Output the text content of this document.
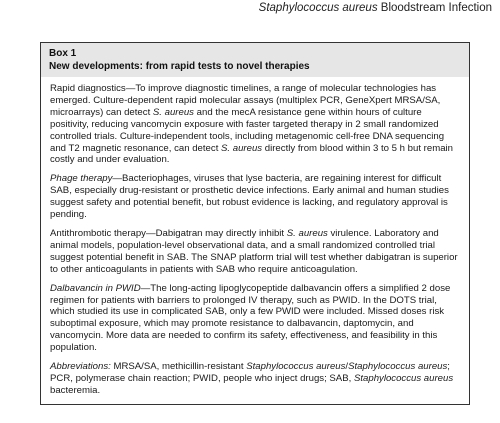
Staphylococcus aureus Bloodstream Infection
Box 1
New developments: from rapid tests to novel therapies

Rapid diagnostics—To improve diagnostic timelines, a range of molecular technologies has emerged. Culture-dependent rapid molecular assays (multiplex PCR, GeneXpert MRSA/SA, microarrays) can detect S. aureus and the mecA resistance gene within hours of culture positivity, reducing vancomycin exposure with faster targeted therapy in 2 small randomized controlled trials. Culture-independent tools, including metagenomic cell-free DNA sequencing and T2 magnetic resonance, can detect S. aureus directly from blood within 3 to 5 h but remain costly and under evaluation.

Phage therapy—Bacteriophages, viruses that lyse bacteria, are regaining interest for difficult SAB, especially drug-resistant or prosthetic device infections. Early animal and human studies suggest safety and potential benefit, but robust evidence is lacking, and regulatory approval is pending.

Antithrombotic therapy—Dabigatran may directly inhibit S. aureus virulence. Laboratory and animal models, population-level observational data, and a small randomized controlled trial suggest potential benefit in SAB. The SNAP platform trial will test whether dabigatran is superior to other anticoagulants in patients with SAB who require anticoagulation.

Dalbavancin in PWID—The long-acting lipoglycopeptide dalbavancin offers a simplified 2 dose regimen for patients with barriers to prolonged IV therapy, such as PWID. In the DOTS trial, which studied its use in complicated SAB, only a few PWID were included. Missed doses risk suboptimal exposure, which may promote resistance to dalbavancin, daptomycin, and vancomycin. More data are needed to confirm its safety, effectiveness, and feasibility in this population.

Abbreviations: MRSA/SA, methicillin-resistant Staphylococcus aureus/Staphylococcus aureus; PCR, polymerase chain reaction; PWID, people who inject drugs; SAB, Staphylococcus aureus bacteremia.
